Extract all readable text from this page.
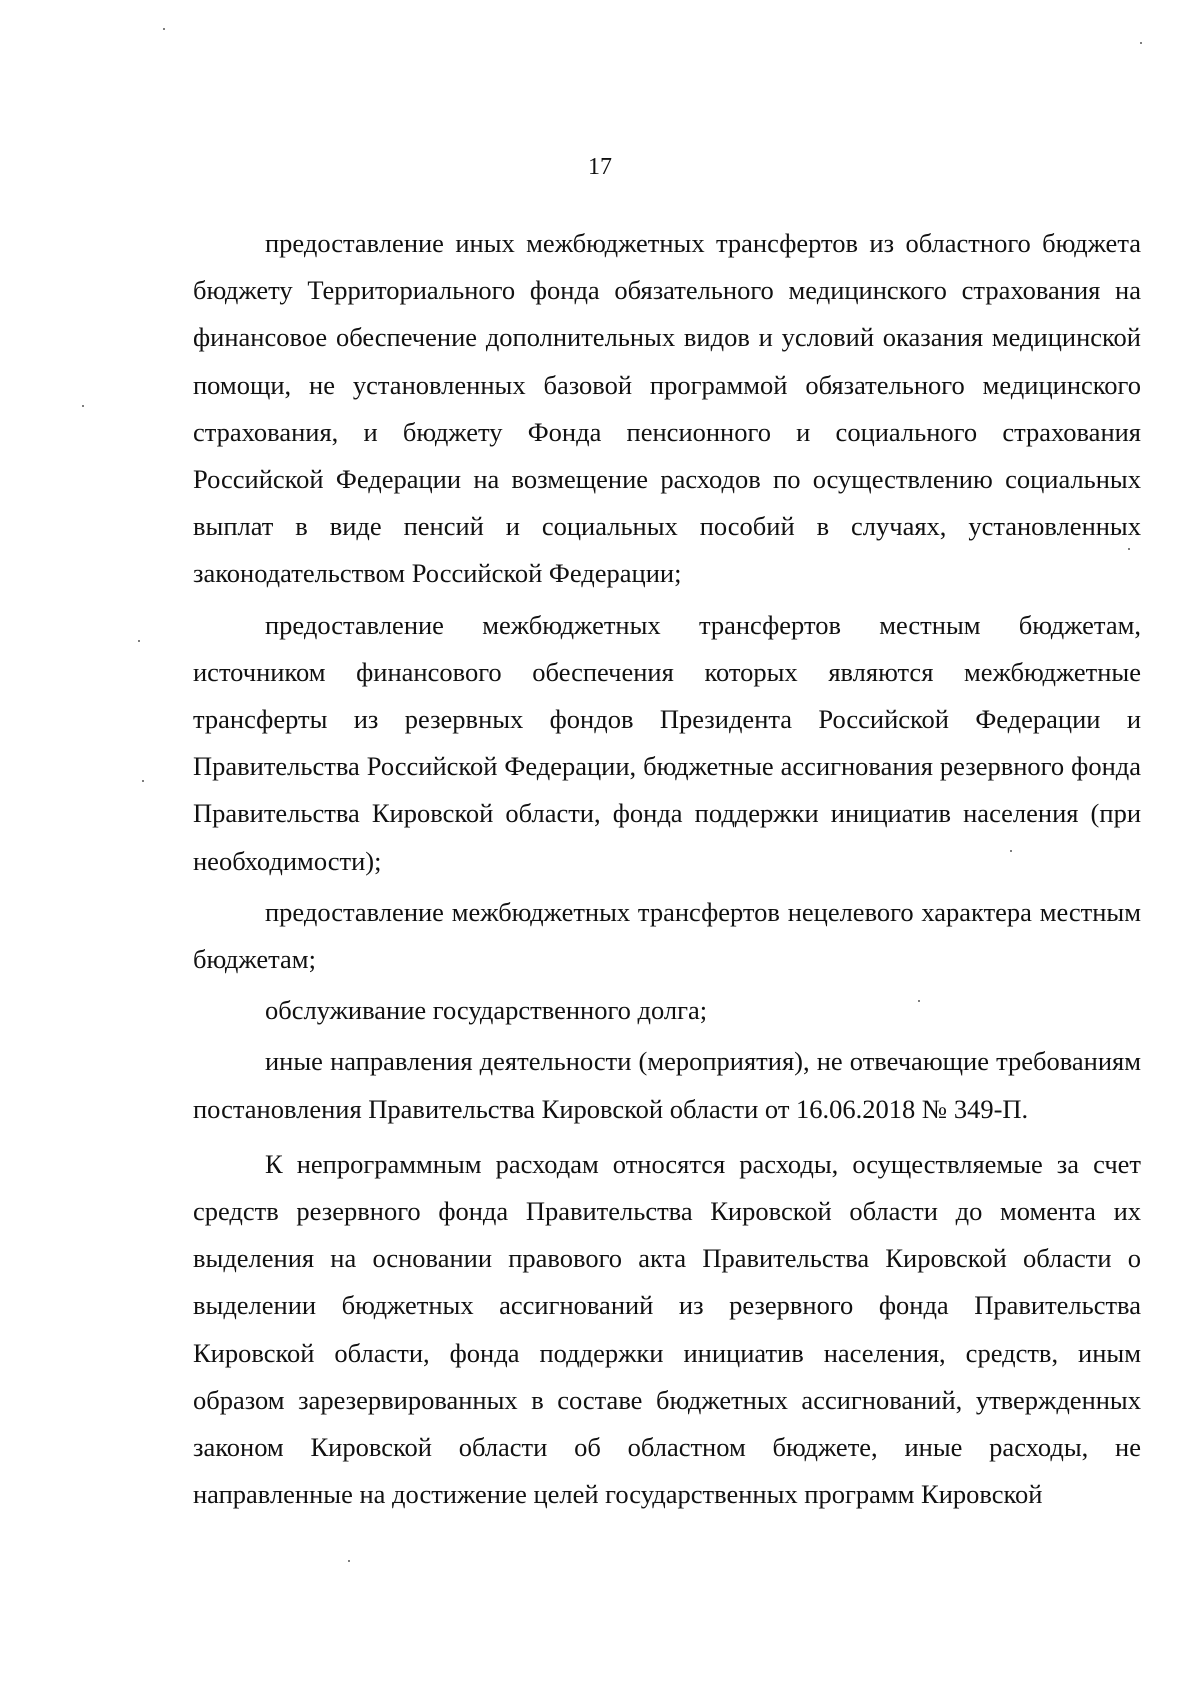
17

предоставление иных межбюджетных трансфертов из областного бюджета бюджету Территориального фонда обязательного медицинского страхования на финансовое обеспечение дополнительных видов и условий оказания медицинской помощи, не установленных базовой программой обязательного медицинского страхования, и бюджету Фонда пенсионного и социального страхования Российской Федерации на возмещение расходов по осуществлению социальных выплат в виде пенсий и социальных пособий в случаях, установленных законодательством Российской Федерации;

предоставление межбюджетных трансфертов местным бюджетам, источником финансового обеспечения которых являются межбюджетные трансферты из резервных фондов Президента Российской Федерации и Правительства Российской Федерации, бюджетные ассигнования резервного фонда Правительства Кировской области, фонда поддержки инициатив населения (при необходимости);

предоставление межбюджетных трансфертов нецелевого характера местным бюджетам;

обслуживание государственного долга;

иные направления деятельности (мероприятия), не отвечающие требованиям постановления Правительства Кировской области от 16.06.2018 № 349-П.

К непрограммным расходам относятся расходы, осуществляемые за счет средств резервного фонда Правительства Кировской области до момента их выделения на основании правового акта Правительства Кировской области о выделении бюджетных ассигнований из резервного фонда Правительства Кировской области, фонда поддержки инициатив населения, средств, иным образом зарезервированных в составе бюджетных ассигнований, утвержденных законом Кировской области об областном бюджете, иные расходы, не направленные на достижение целей государственных программ Кировской
